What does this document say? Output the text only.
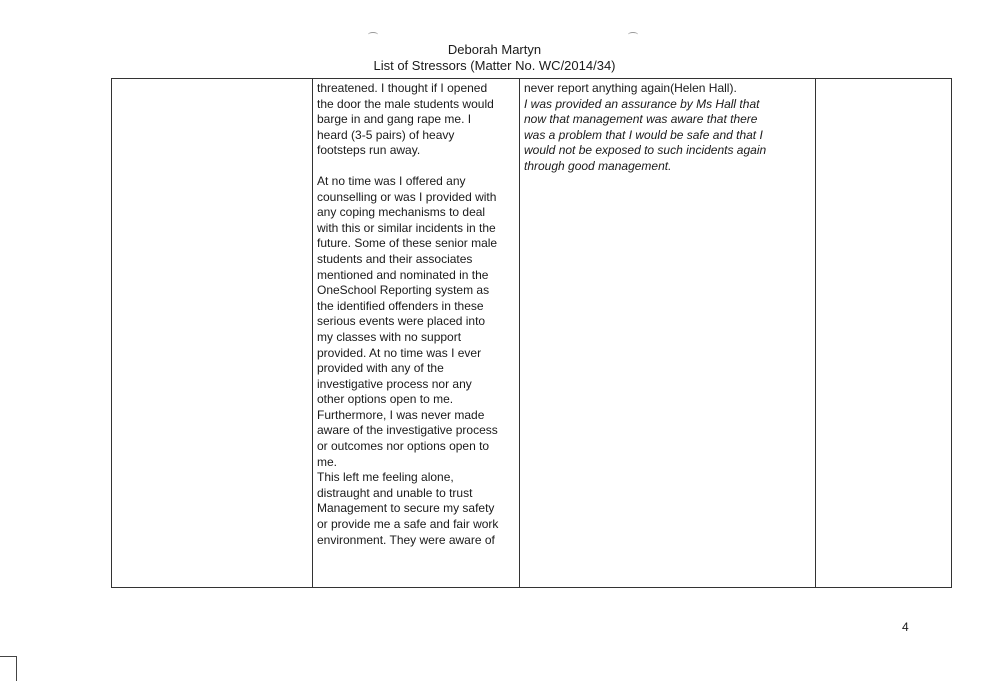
Deborah Martyn
List of Stressors (Matter No. WC/2014/34)

threatened. I thought if I opened
the door the male students would
barge in and gang rape me. I
heard (3-5 pairs) of heavy
footsteps run away.

At no time was I offered any
counselling or was I provided with
any coping mechanisms to deal
with this or similar incidents in the
future. Some of these senior male
students and their associates
mentioned and nominated in the
OneSchool Reporting system as
the identified offenders in these
serious events were placed into
my classes with no support
provided. At no time was I ever
provided with any of the
investigative process nor any
other options open to me.
Furthermore, I was never made
aware of the investigative process
or outcomes nor options open to
me.
This left me feeling alone,
distraught and unable to trust
Management to secure my safety
or provide me a safe and fair work
environment. They were aware of

never report anything again(Helen Hall).

I was provided an assurance by Ms Hall that
now that management was aware that there
was a problem that I would be safe and that I
would not be exposed to such incidents again
through good management.

4
